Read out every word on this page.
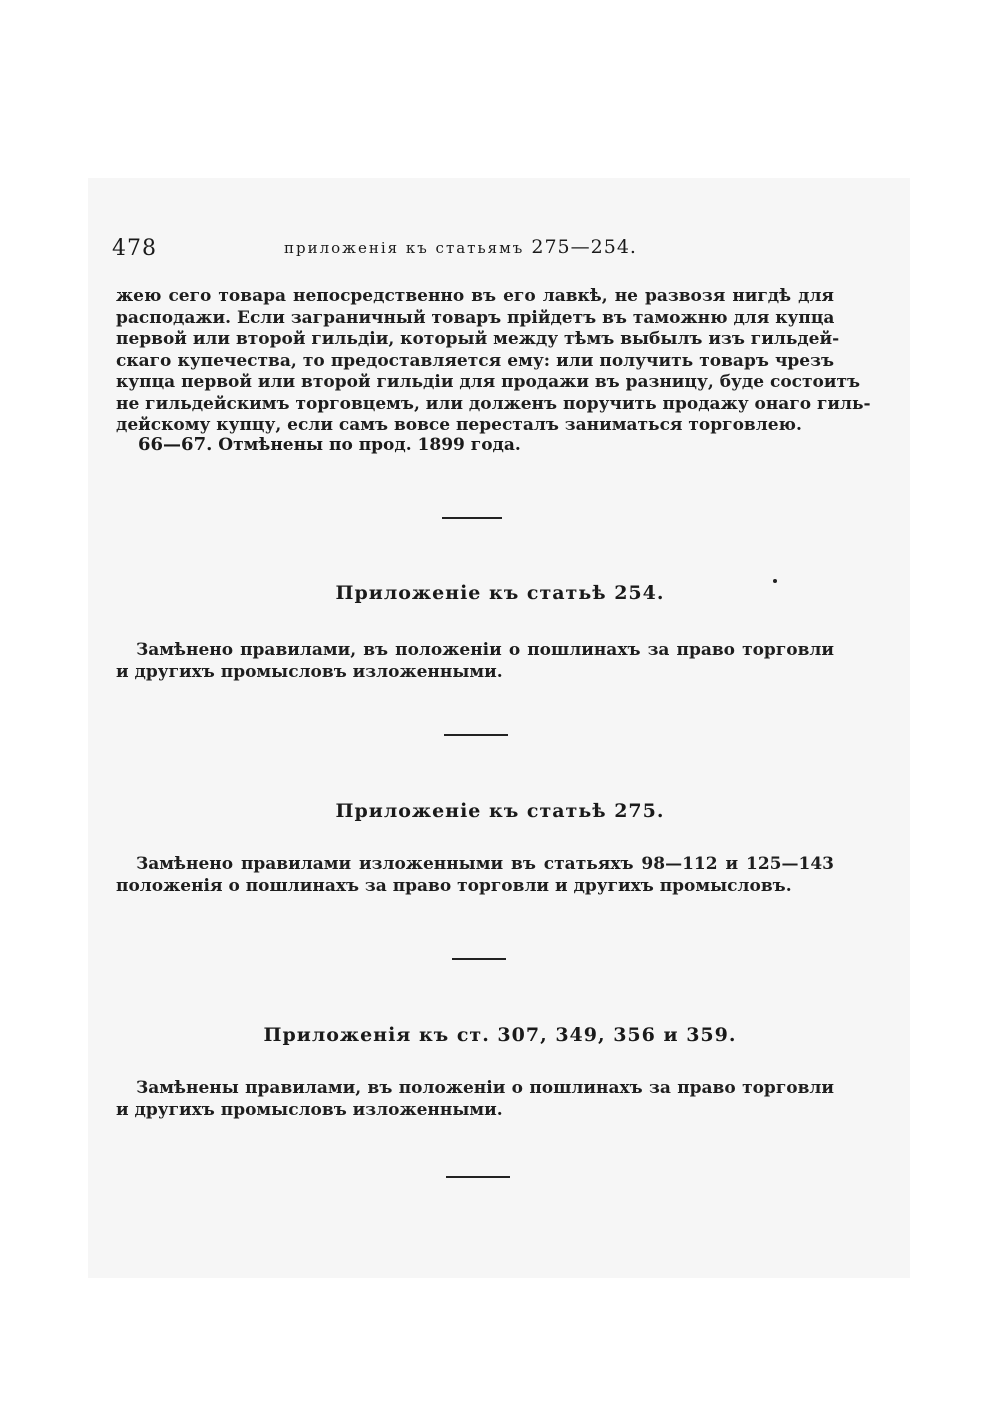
478	приложенія къ статьямъ 275—254.
жею сего товара непосредственно въ его лавкѣ, не развозя нигдѣ для
расподажи. Если заграничный товаръ прійдетъ въ таможню для купца
первой или второй гильдіи, который между тѣмъ выбылъ изъ гильдей-
скаго купечества, то предоставляется ему: или получить товаръ чрезъ
купца первой или второй гильдіи для продажи въ разницу, буде состоитъ
не гильдейскимъ торговцемъ, или долженъ поручить продажу онаго гиль-
дейскому купцу, если самъ вовсе пересталъ заниматься торговлею.
66—67. Отмѣнены по прод. 1899 года.
Приложеніе къ статьѣ 254.
Замѣнено правилами, въ положеніи о пошлинахъ за право торговли
и другихъ промысловъ изложенными.
Приложеніе къ статьѣ 275.
Замѣнено правилами изложенными въ статьяхъ 98—112 и 125—143
положенія о пошлинахъ за право торговли и другихъ промысловъ.
Приложенія къ ст. 307, 349, 356 и 359.
Замѣнены правилами, въ положеніи о пошлинахъ за право торговли
и другихъ промысловъ изложенными.
